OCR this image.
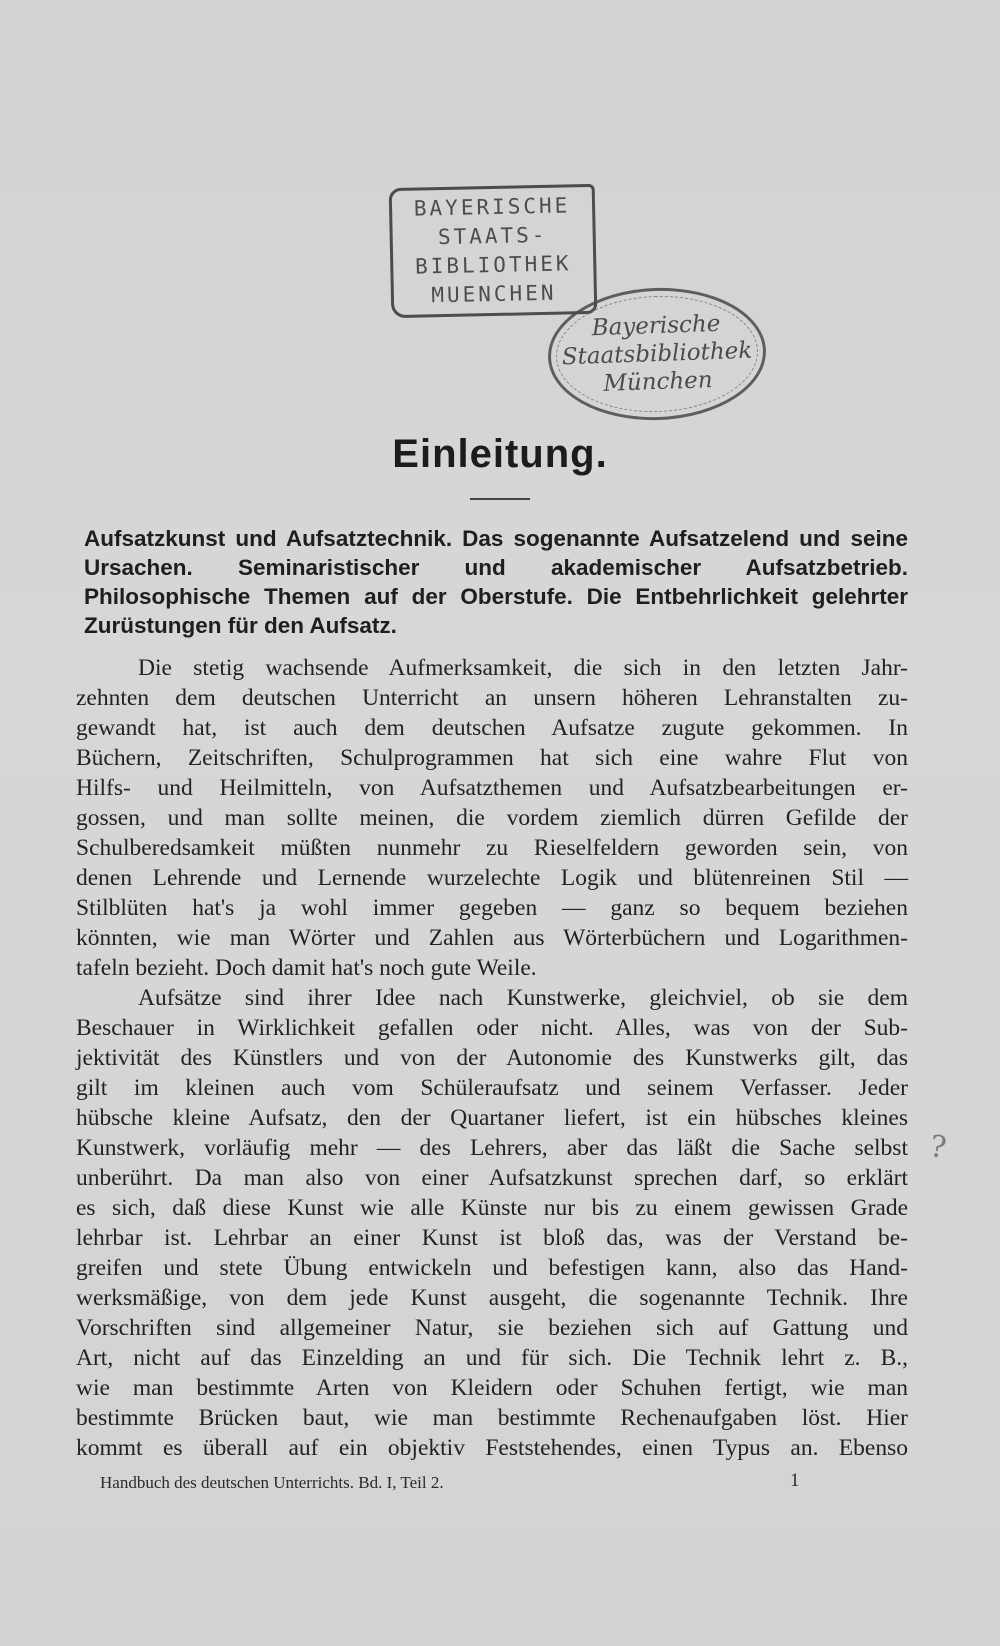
BAYERISCHE
STAATS-
BIBLIOTHEK
MUENCHEN
Bayerische
Staatsbibliothek
München
Einleitung.

Aufsatzkunst und Aufsatztechnik. Das sogenannte Aufsatzelend und seine Ursachen. Seminaristischer und akademischer Aufsatzbetrieb. Philosophische Themen auf der Oberstufe. Die Entbehrlichkeit gelehrter Zurüstungen für den Aufsatz.

Die stetig wachsende Aufmerksamkeit, die sich in den letzten Jahr-
zehnten dem deutschen Unterricht an unsern höheren Lehranstalten zu-
gewandt hat, ist auch dem deutschen Aufsatze zugute gekommen. In
Büchern, Zeitschriften, Schulprogrammen hat sich eine wahre Flut von
Hilfs- und Heilmitteln, von Aufsatzthemen und Aufsatzbearbeitungen er-
gossen, und man sollte meinen, die vordem ziemlich dürren Gefilde der
Schulberedsamkeit müßten nunmehr zu Rieselfeldern geworden sein, von
denen Lehrende und Lernende wurzelechte Logik und blütenreinen Stil —
Stilblüten hat's ja wohl immer gegeben — ganz so bequem beziehen
könnten, wie man Wörter und Zahlen aus Wörterbüchern und Logarithmen-
tafeln bezieht. Doch damit hat's noch gute Weile.
Aufsätze sind ihrer Idee nach Kunstwerke, gleichviel, ob sie dem
Beschauer in Wirklichkeit gefallen oder nicht. Alles, was von der Sub-
jektivität des Künstlers und von der Autonomie des Kunstwerks gilt, das
gilt im kleinen auch vom Schüleraufsatz und seinem Verfasser. Jeder
hübsche kleine Aufsatz, den der Quartaner liefert, ist ein hübsches kleines
Kunstwerk, vorläufig mehr — des Lehrers, aber das läßt die Sache selbst
unberührt. Da man also von einer Aufsatzkunst sprechen darf, so erklärt
es sich, daß diese Kunst wie alle Künste nur bis zu einem gewissen Grade
lehrbar ist. Lehrbar an einer Kunst ist bloß das, was der Verstand be-
greifen und stete Übung entwickeln und befestigen kann, also das Hand-
werksmäßige, von dem jede Kunst ausgeht, die sogenannte Technik. Ihre
Vorschriften sind allgemeiner Natur, sie beziehen sich auf Gattung und
Art, nicht auf das Einzelding an und für sich. Die Technik lehrt z. B.,
wie man bestimmte Arten von Kleidern oder Schuhen fertigt, wie man
bestimmte Brücken baut, wie man bestimmte Rechenaufgaben löst. Hier
kommt es überall auf ein objektiv Feststehendes, einen Typus an. Ebenso
?

Handbuch des deutschen Unterrichts. Bd. I, Teil 2.	1
